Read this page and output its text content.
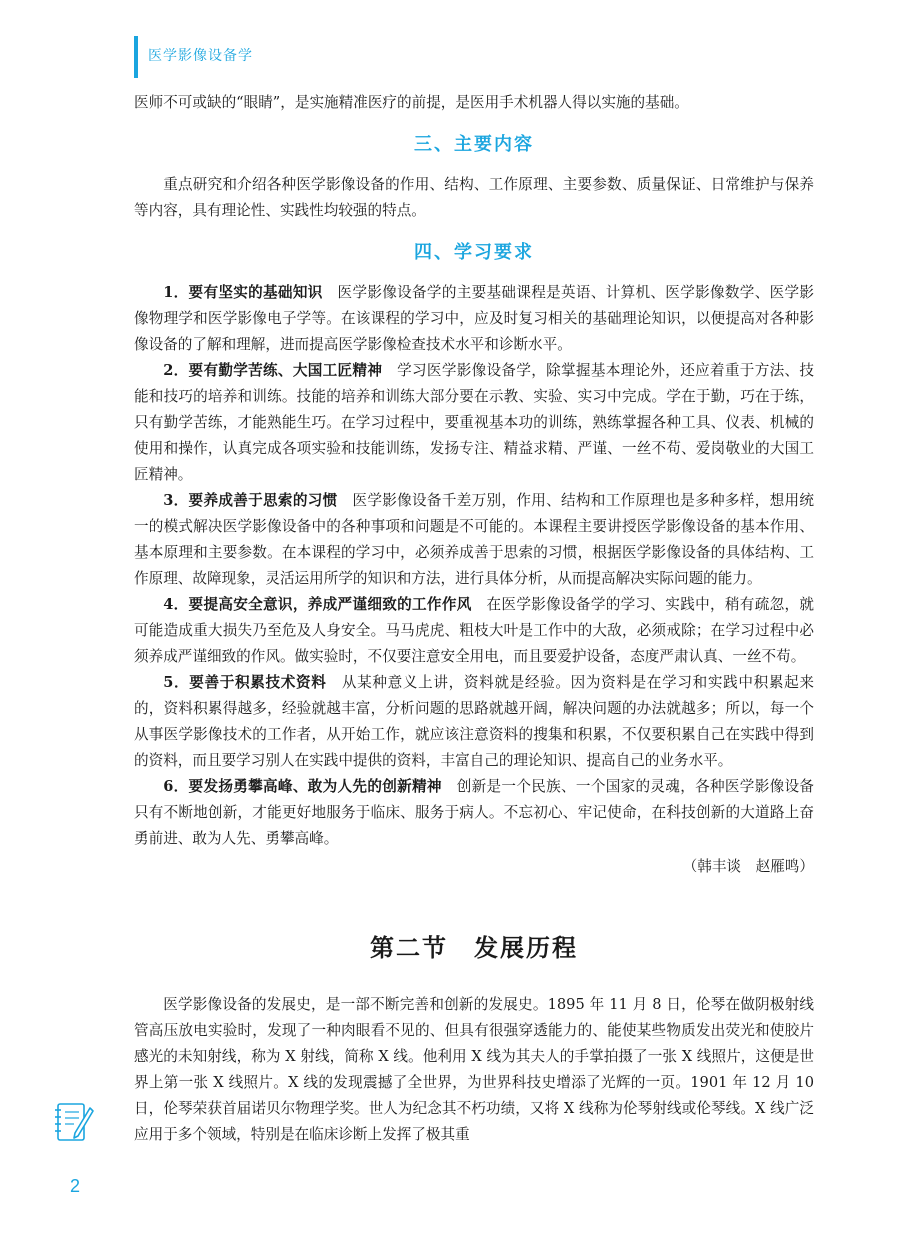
医学影像设备学

医师不可或缺的“眼睛”，是实施精准医疗的前提，是医用手术机器人得以实施的基础。

三、主要内容

重点研究和介绍各种医学影像设备的作用、结构、工作原理、主要参数、质量保证、日常维护与保养等内容，具有理论性、实践性均较强的特点。

四、学习要求

1．要有坚实的基础知识　 医学影像设备学的主要基础课程是英语、计算机、医学影像数学、医学影像物理学和医学影像电子学等。在该课程的学习中，应及时复习相关的基础理论知识，以便提高对各种影像设备的了解和理解，进而提高医学影像检查技术水平和诊断水平。

2．要有勤学苦练、大国工匠精神　 学习医学影像设备学，除掌握基本理论外，还应着重于方法、技能和技巧的培养和训练。技能的培养和训练大部分要在示教、实验、实习中完成。学在于勤，巧在于练，只有勤学苦练，才能熟能生巧。在学习过程中，要重视基本功的训练，熟练掌握各种工具、仪表、机械的使用和操作，认真完成各项实验和技能训练，发扬专注、精益求精、严谨、一丝不苟、爱岗敬业的大国工匠精神。

3．要养成善于思索的习惯　 医学影像设备千差万别，作用、结构和工作原理也是多种多样，想用统一的模式解决医学影像设备中的各种事项和问题是不可能的。本课程主要讲授医学影像设备的基本作用、基本原理和主要参数。在本课程的学习中，必须养成善于思索的习惯，根据医学影像设备的具体结构、工作原理、故障现象，灵活运用所学的知识和方法，进行具体分析，从而提高解决实际问题的能力。

4．要提高安全意识，养成严谨细致的工作作风　 在医学影像设备学的学习、实践中，稍有疏忽，就可能造成重大损失乃至危及人身安全。马马虎虎、粗枝大叶是工作中的大敌，必须戒除；在学习过程中必须养成严谨细致的作风。做实验时，不仅要注意安全用电，而且要爱护设备，态度严肃认真、一丝不苟。

5．要善于积累技术资料　 从某种意义上讲，资料就是经验。因为资料是在学习和实践中积累起来的，资料积累得越多，经验就越丰富，分析问题的思路就越开阔，解决问题的办法就越多；所以，每一个从事医学影像技术的工作者，从开始工作，就应该注意资料的搜集和积累，不仅要积累自己在实践中得到的资料，而且要学习别人在实践中提供的资料，丰富自己的理论知识、提高自己的业务水平。

6．要发扬勇攀高峰、敢为人先的创新精神　 创新是一个民族、一个国家的灵魂，各种医学影像设备只有不断地创新，才能更好地服务于临床、服务于病人。不忘初心、牢记使命，在科技创新的大道路上奋勇前进、敢为人先、勇攀高峰。

（韩丰谈　赵雁鸣）

第二节　发展历程

医学影像设备的发展史，是一部不断完善和创新的发展史。1895 年 11 月 8 日，伦琴在做阴极射线管高压放电实验时，发现了一种肉眼看不见的、但具有很强穿透能力的、能使某些物质发出荧光和使胶片感光的未知射线，称为 X 射线，简称 X 线。他利用 X 线为其夫人的手掌拍摄了一张 X 线照片，这便是世界上第一张 X 线照片。X 线的发现震撼了全世界，为世界科技史增添了光辉的一页。1901 年 12 月 10 日，伦琴荣获首届诺贝尔物理学奖。世人为纪念其不朽功绩，又将 X 线称为伦琴射线或伦琴线。X 线广泛应用于多个领域，特别是在临床诊断上发挥了极其重

2
